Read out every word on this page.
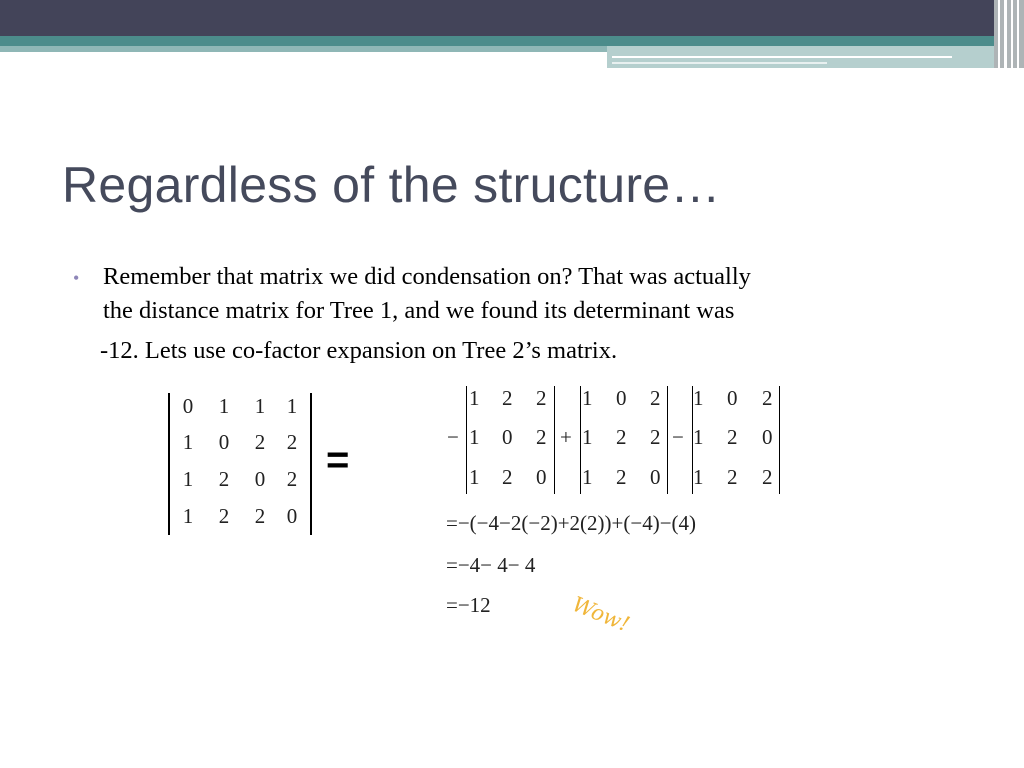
Regardless of the structure…
• Remember that matrix we did condensation on? That was actually
the distance matrix for Tree 1, and we found its determinant was
-12. Lets use co-factor expansion on Tree 2’s matrix.
0 1 1 1
1 0 2 2
1 2 0 2
1 2 2 0
=
−
1 2 2
1 0 2
1 2 0
+
1 0 2
1 2 2
1 2 0
−
1 0 2
1 2 0
1 2 2
=−(−4−2(−2)+2(2))+(−4)−(4)
=−4− 4− 4
=−12	Wow!
